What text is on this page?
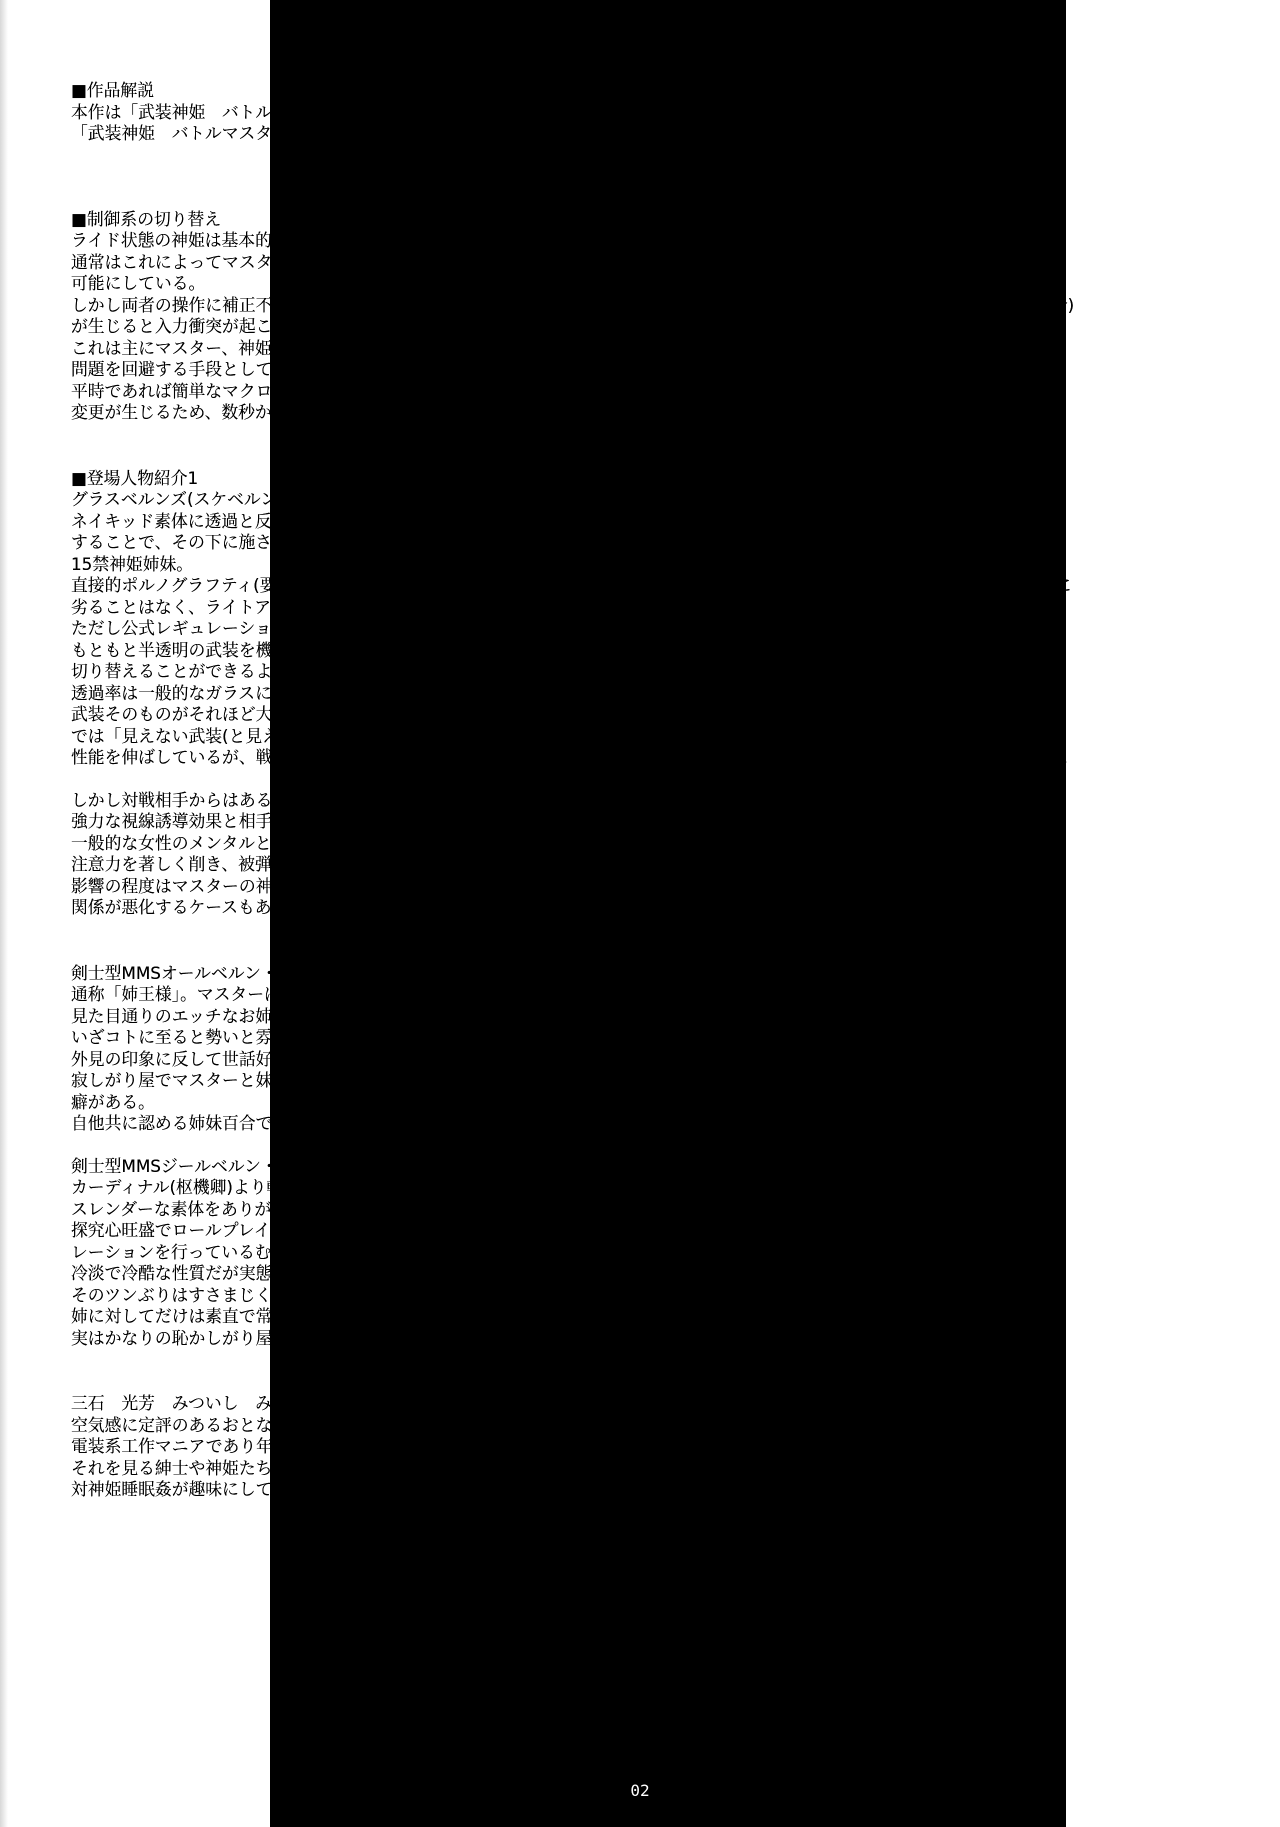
■作品解説
本作は「武装神姫　バトルマスターズMk-2」の世界観を独自解釈で性的に翻訳した二次創作です。
「武装神姫　バトルマスターズMk-2」「アニメ　武装神姫」および実在の武装紳士・淑女とは一切関係ありません。
■制御系の切り替え
ライド状態の神姫は基本的にマスターの神経伝達信号に倣って稼働する。
通常はこれによってマスターと神姫の反応がリンクし、両者の経験則や反射行動がダイレクトに反映されストレスフリーな動作を
可能にしている。
しかし両者の操作に補正不可能なほどの差(例えばある状況でマスターは右を向こうとするのに神姫は左を向こうとしてしまった場合)
が生じると入力衝突が起こり、反応が極めて悪くなる。
これは主にマスター、神姫両者の訓練不足や関心の差によるシンクロ率の低下によって生じる現象である。
問題を回避する手段として、特定の部位や動作の操作の優先権を個別に設定することができるようになっている。
平時であれば簡単なマクロ操作で瞬時に切り替えることができるが、ライドオフせずに切り替えるには膨大な関連・付随リンクの
変更が生じるため、数秒から場合によっては数分の処理時間を必要とする。
■登場人物紹介1
グラスベルンズ(スケベルンズ/エロ姉妹)
ネイキッド素体に透過と反射の閾値が非常に極端な偏光フィルムをノーマルのルナーリア/アメジストの塗装パターンに倣って配置
することで、その下に施された局部風造形部位が光の加減や角度によって見え隠れする、極めて性的なデザインが特徴の自律稼動
15禁神姫姉妹。
直接的ポルノグラフティ(要するに直エロ路線)としての神姫の一形態として作られた鑑賞を重視した機体だがスペック面でノーマルに
劣ることはなく、ライトアーマーなりの戦闘力を備えておりバトルマスターズ筐体での実用に耐える。
ただし公式レギュレーションには倫理コードに抵触するため参戦できない。
もともと半透明の武装を機能・形状をそのままに瞬間調光ガラスに用いられる液晶技術を取り入れ、通電によって瞬間的に透過率を
切り替えることができるようになっている。
透過率は一般的なガラスに近い94%。
武装そのものがそれほど大きくないため視認性を下げる効果はさほど期待できないが、光学的照準による遠距離攻撃および近接戦闘
では「見えない武装(と見えてはいけない素体)」の幻惑効果は一定の成果を上げており、回避性能と近接戦闘を重視した本製品の
性能を伸ばしているが、戦闘状況での効果はあくまで副次的なもので、本来の目的は観戦者サービスというごく下世話なものである。
しかし対戦相手からはある種の光学情報兵器として、その外見こそが最強の武器であるという評価をうけている。
強力な視線誘導効果と相手神姫および相手マスターの精神状態への影響は無視できないもので、神姫ごとに差異はあるが基本的に
一般的な女性のメンタルとモラルを備えている神姫と、それにライドするマスターの男性比率から特に格闘戦や狙撃時において
注意力を著しく削き、被弾回避率および攻撃命中率を大きく低下させることが確認されている。
影響の程度はマスターの神姫愛の質と量によって変動するが、バトル中のみならず下手をすれば数日にわたって手持ちの神姫との
関係が悪化するケースもあり恐れられている。
剣士型MMSオールベルン・ルナーリア「アレクサンドラ＝グラスベルン」
通称「姉王様」。マスターは「アレク」と呼ぶ。
見た目通りのエッチなお姉さんキャラで愛想と色気を振り撒き人気を博すエロ姉だが、いわゆる処女ビッチ系で実は初心で臆病。
いざコトに至ると勢いと雰囲気で騙し騙し押すタイプのヘタレ責めS。
外見の印象に反して世話好きで、家事やマスターの世話は主に本機が行う。
寂しがり屋でマスターと妹が大好き。触れていると落ち着くらしくスキンシップ過剰な傾向にあり、握手感覚で誰にでも抱きつく
癖がある。
自他共に認める姉妹百合でありじゃれあっている様子は完全にエロアニメと評判。
剣士型MMSジールベルン・アメジスト「カーディナル＝グラスベルン」
カーディナル(枢機卿)より転じ通称「妹卿」。マスターとアレクサンドラは「カーデ」と呼ぶ。
スレンダーな素体をありがたがるロリコン共を見下しシンプルな悪態を容赦なく放つことで逆に人気を博すエロ妹。
探究心旺盛でロールプレイにも熱心であり、自分に求められている(性的な)神姫の運用方法に関して日夜情報収集と脳内シミュ
レーションを行っているむっつりクール系ドS。
冷淡で冷酷な性質だが実態はツンデレ。
そのツンぶりはすさまじく、二人きりどころか意識のある状態のマスターにはデレないが、マスターと姉が大好き。
姉に対してだけは素直で常時デレているが口調や表情はあまり変わらない。
実はかなりの恥かしがり屋で、熟睡しているマスターに頬ずりするのが最大の幸せ。
三石　光芳　みついし　みつよし　○学生。
空気感に定評のあるおとなしい少年。
電装系工作マニアであり年齢不相応のハイテク装備を自作するが、年齢相応に旺盛な性欲を手持ちの神姫にストレートに盛り込み
それを見る紳士や神姫たちの反応を眺めるのが幸せ…でありながら自分がオーナーであることはひた隠しにしているむっつり助平。
対神姫睡眠姦が趣味にしてドMという上級紳士である。
02
